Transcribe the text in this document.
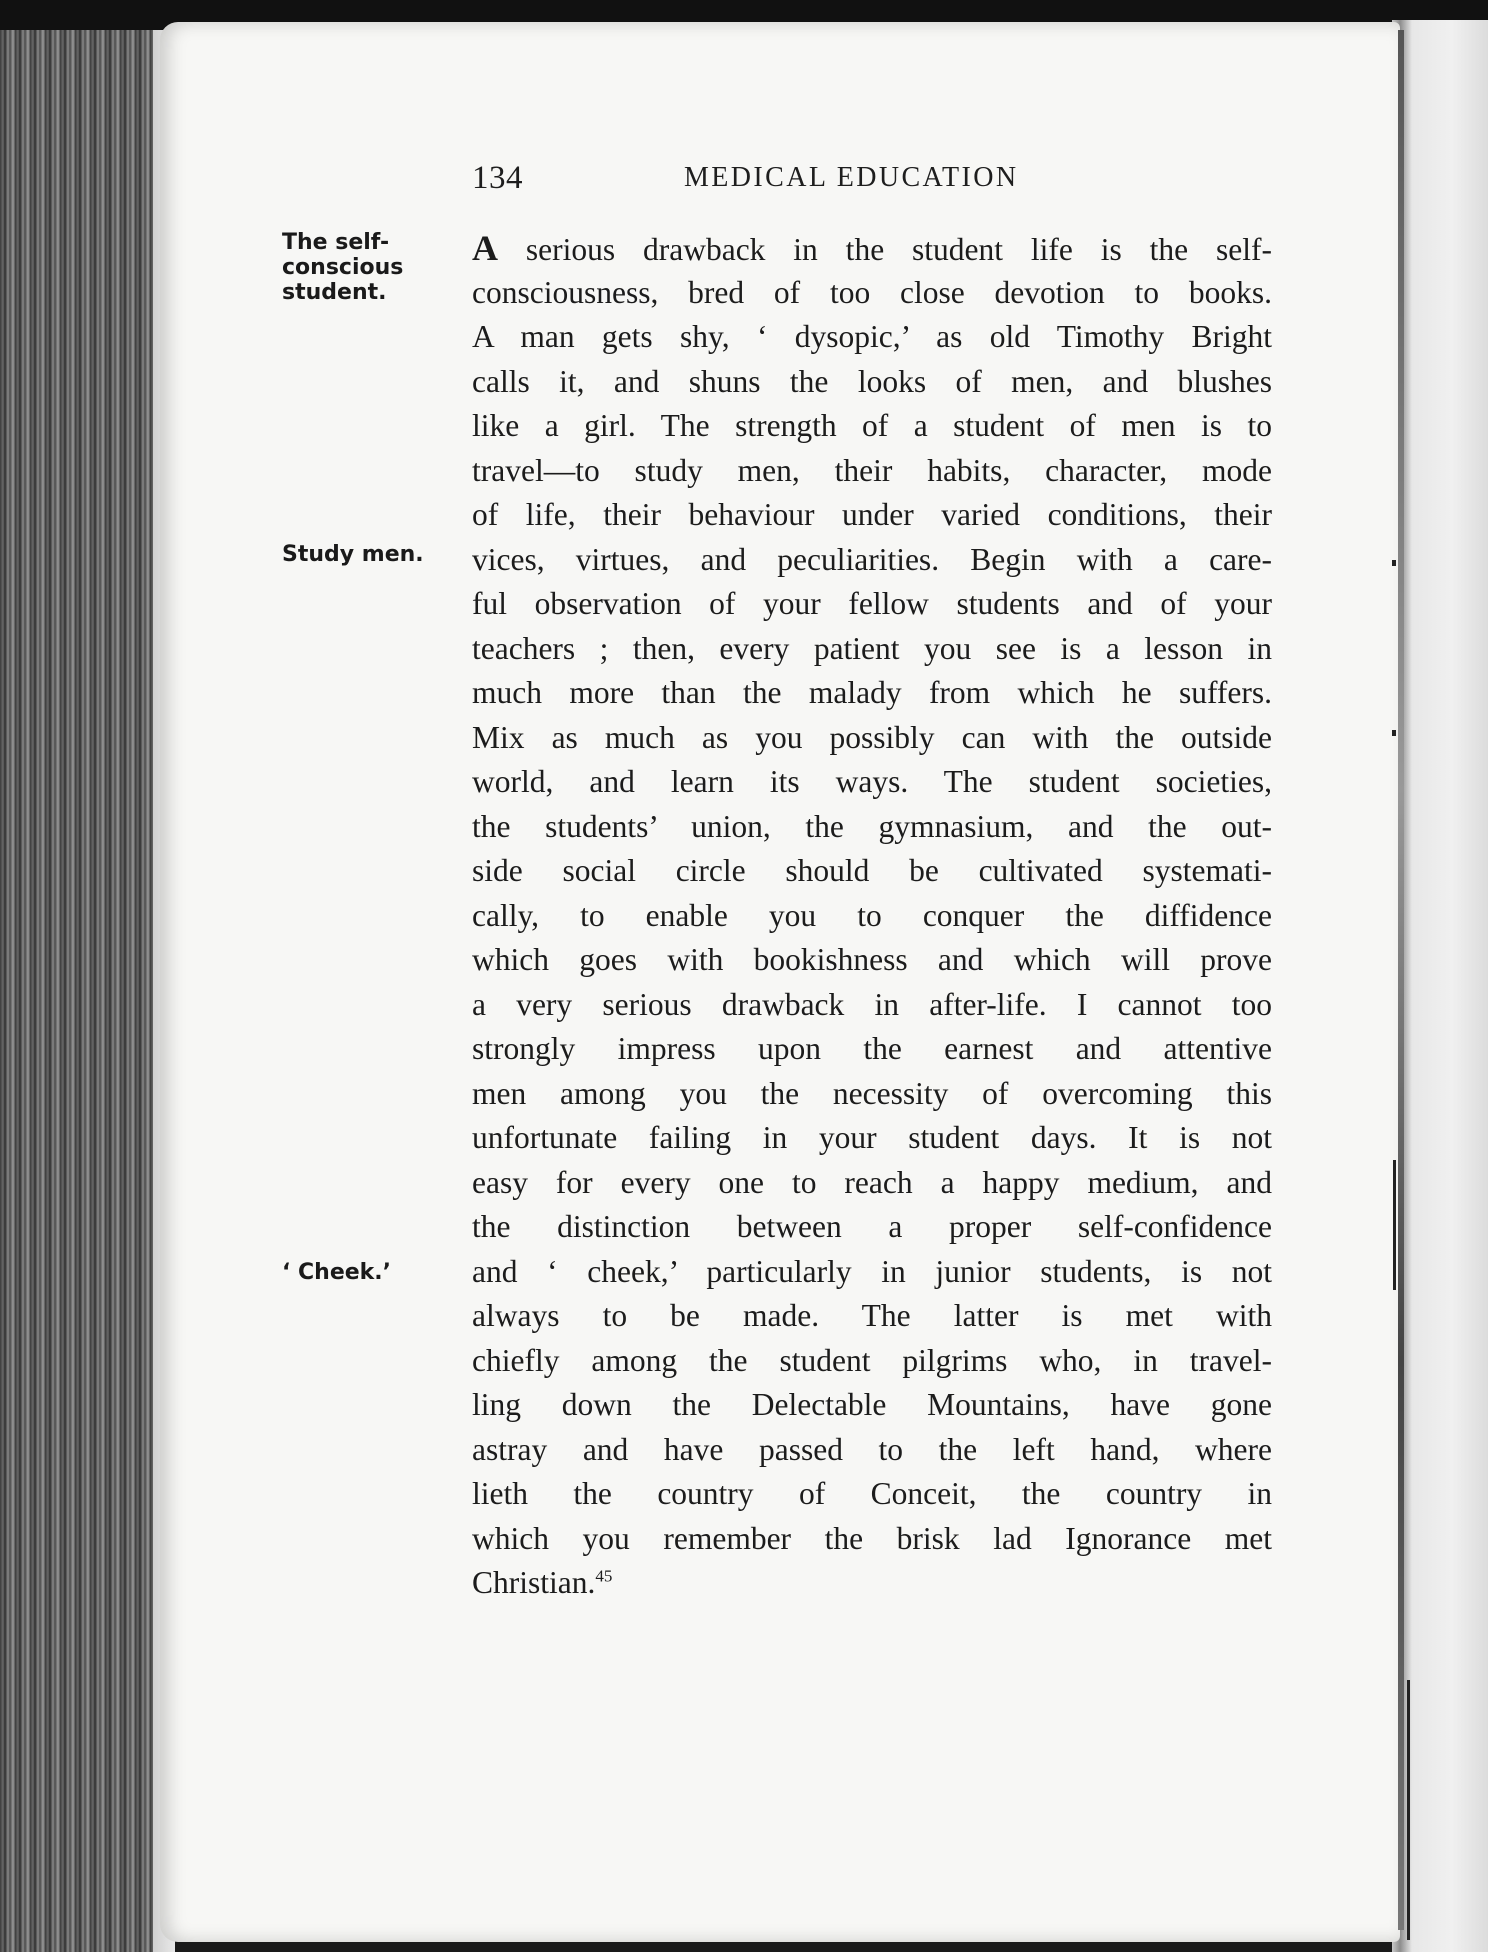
134	MEDICAL EDUCATION
The self-
conscious
student.
Study men.
‘ Cheek.’
A serious drawback in the student life is the self-
consciousness, bred of too close devotion to books.
A man gets shy, ‘ dysopic,’ as old Timothy Bright
calls it, and shuns the looks of men, and blushes
like a girl. The strength of a student of men is to
travel—to study men, their habits, character, mode
of life, their behaviour under varied conditions, their
vices, virtues, and peculiarities. Begin with a care-
ful observation of your fellow students and of your
teachers ; then, every patient you see is a lesson in
much more than the malady from which he suffers.
Mix as much as you possibly can with the outside
world, and learn its ways. The student societies,
the students’ union, the gymnasium, and the out-
side social circle should be cultivated systemati-
cally, to enable you to conquer the diffidence
which goes with bookishness and which will prove
a very serious drawback in after-life. I cannot too
strongly impress upon the earnest and attentive
men among you the necessity of overcoming this
unfortunate failing in your student days. It is not
easy for every one to reach a happy medium, and
the distinction between a proper self-confidence
and ‘ cheek,’ particularly in junior students, is not
always to be made. The latter is met with
chiefly among the student pilgrims who, in travel-
ling down the Delectable Mountains, have gone
astray and have passed to the left hand, where
lieth the country of Conceit, the country in
which you remember the brisk lad Ignorance met
Christian.$^{45}$
